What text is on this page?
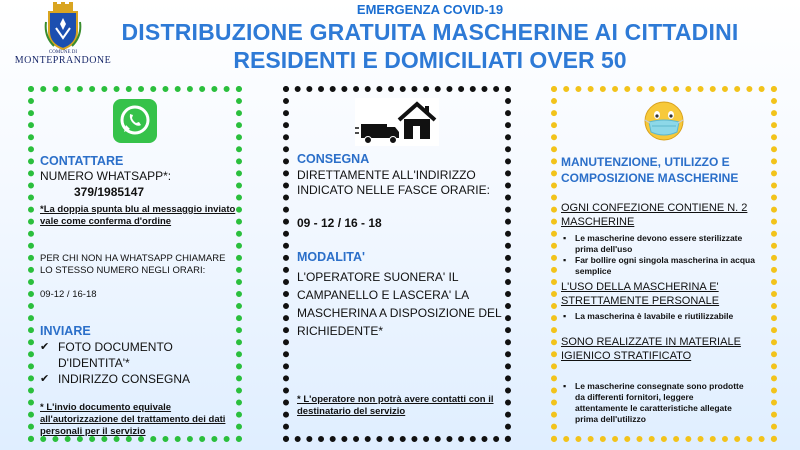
COMUNE DI
MONTEPRANDONE
EMERGENZA COVID-19
DISTRIBUZIONE GRATUITA MASCHERINE AI CITTADINI
RESIDENTI E DOMICILIATI OVER 50
CONTATTARE
NUMERO WHATSAPP*:
379/1985147
*La doppia spunta blu al messaggio inviato vale come conferma d'ordine
PER CHI NON HA WHATSAPP CHIAMARE LO STESSO NUMERO NEGLI ORARI:
09-12 / 16-18
INVIARE
✔ FOTO DOCUMENTO D'IDENTITA'*
✔ INDIRIZZO CONSEGNA
* L'invio documento equivale all'autorizzazione del trattamento dei dati personali per il servizio
CONSEGNA
DIRETTAMENTE ALL'INDIRIZZO INDICATO NELLE FASCE ORARIE:
09 - 12 / 16 - 18
MODALITA'
L'OPERATORE SUONERA' IL CAMPANELLO E LASCERA' LA MASCHERINA A DISPOSIZIONE DEL RICHIEDENTE*
* L'operatore non potrà avere contatti con il destinatario del servizio
MANUTENZIONE, UTILIZZO E COMPOSIZIONE MASCHERINE
OGNI CONFEZIONE CONTIENE N. 2 MASCHERINE
▪ Le mascherine devono essere sterilizzate prima dell'uso
▪ Far bollire ogni singola mascherina in acqua semplice
L'USO DELLA MASCHERINA E' STRETTAMENTE PERSONALE
▪ La mascherina è lavabile e riutilizzabile
SONO REALIZZATE IN MATERIALE IGIENICO STRATIFICATO
▪ Le mascherine consegnate sono prodotte da differenti fornitori, leggere attentamente le caratteristiche allegate prima dell'utilizzo
